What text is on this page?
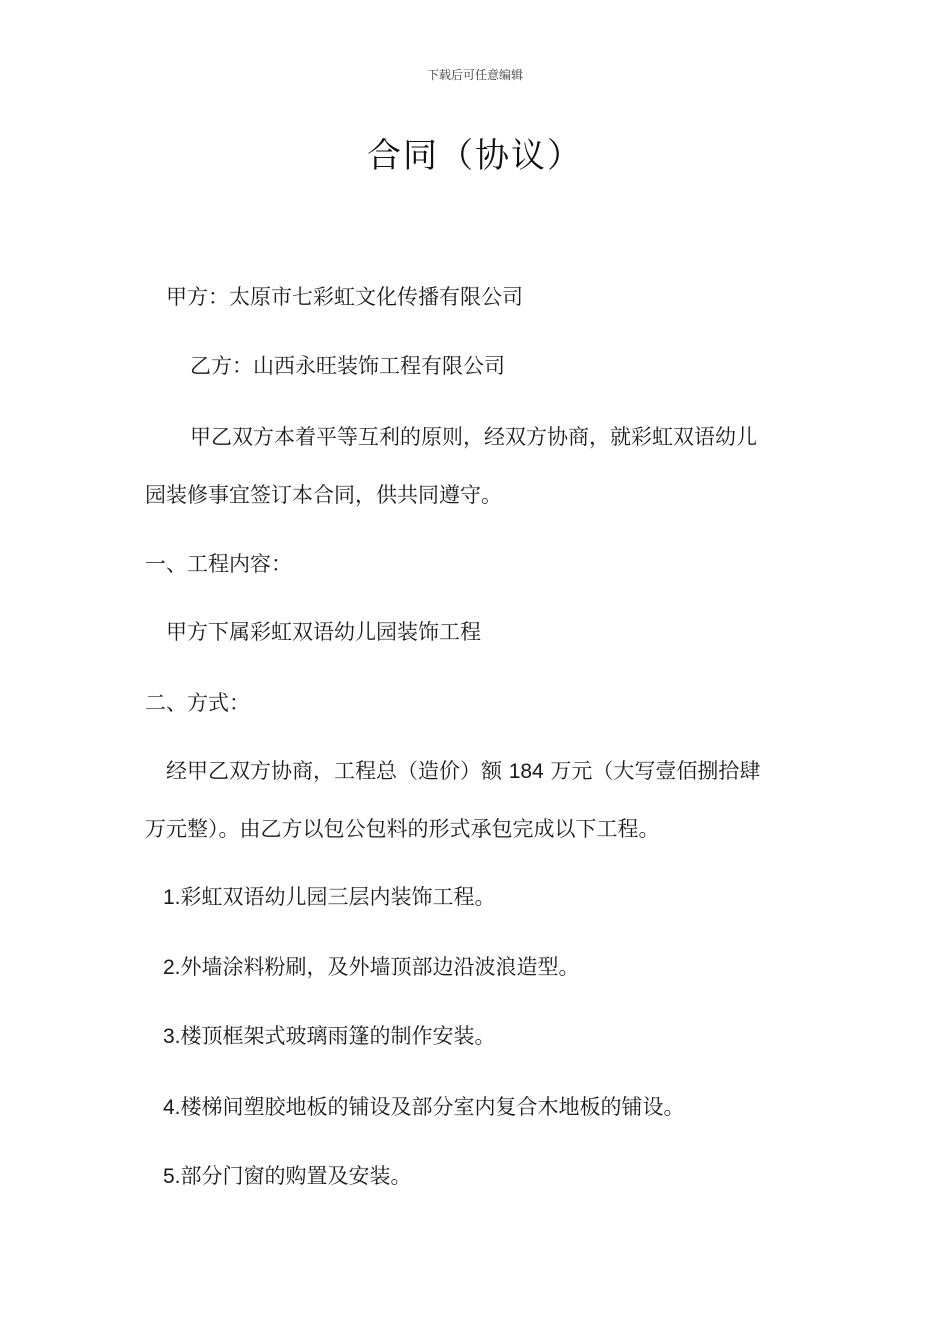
下载后可任意编辑
合同（协议）
甲方：太原市七彩虹文化传播有限公司
乙方：山西永旺装饰工程有限公司
甲乙双方本着平等互利的原则，经双方协商，就彩虹双语幼儿
园装修事宜签订本合同，供共同遵守。
一、工程内容：
甲方下属彩虹双语幼儿园装饰工程
二、方式：
经甲乙双方协商，工程总（造价）额 184 万元（大写壹佰捌拾肆
万元整）。由乙方以包公包料的形式承包完成以下工程。
1.彩虹双语幼儿园三层内装饰工程。
2.外墙涂料粉刷，及外墙顶部边沿波浪造型。
3.楼顶框架式玻璃雨篷的制作安装。
4.楼梯间塑胶地板的铺设及部分室内复合木地板的铺设。
5.部分门窗的购置及安装。
